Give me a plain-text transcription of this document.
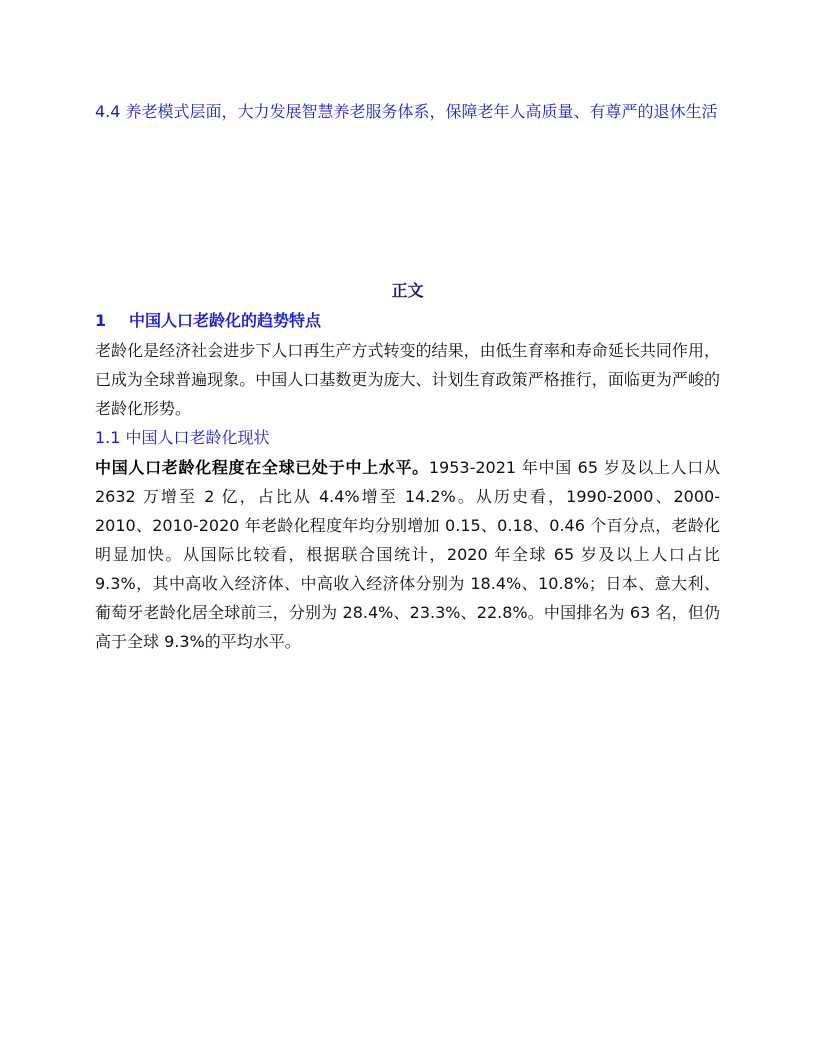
4.4 养老模式层面，大力发展智慧养老服务体系，保障老年人高质量、有尊严的退休生活
正文
1 中国人口老龄化的趋势特点
老龄化是经济社会进步下人口再生产方式转变的结果，由低生育率和寿命延长共同作用，已成为全球普遍现象。中国人口基数更为庞大、计划生育政策严格推行，面临更为严峻的老龄化形势。
1.1 中国人口老龄化现状
中国人口老龄化程度在全球已处于中上水平。1953-2021 年中国 65 岁及以上人口从 2632 万增至 2 亿，占比从 4.4%增至 14.2%。从历史看，1990-2000、2000-2010、2010-2020 年老龄化程度年均分别增加 0.15、0.18、0.46 个百分点，老龄化明显加快。从国际比较看，根据联合国统计，2020 年全球 65 岁及以上人口占比 9.3%，其中高收入经济体、中高收入经济体分别为 18.4%、10.8%；日本、意大利、葡萄牙老龄化居全球前三，分别为 28.4%、23.3%、22.8%。中国排名为 63 名，但仍高于全球 9.3%的平均水平。
